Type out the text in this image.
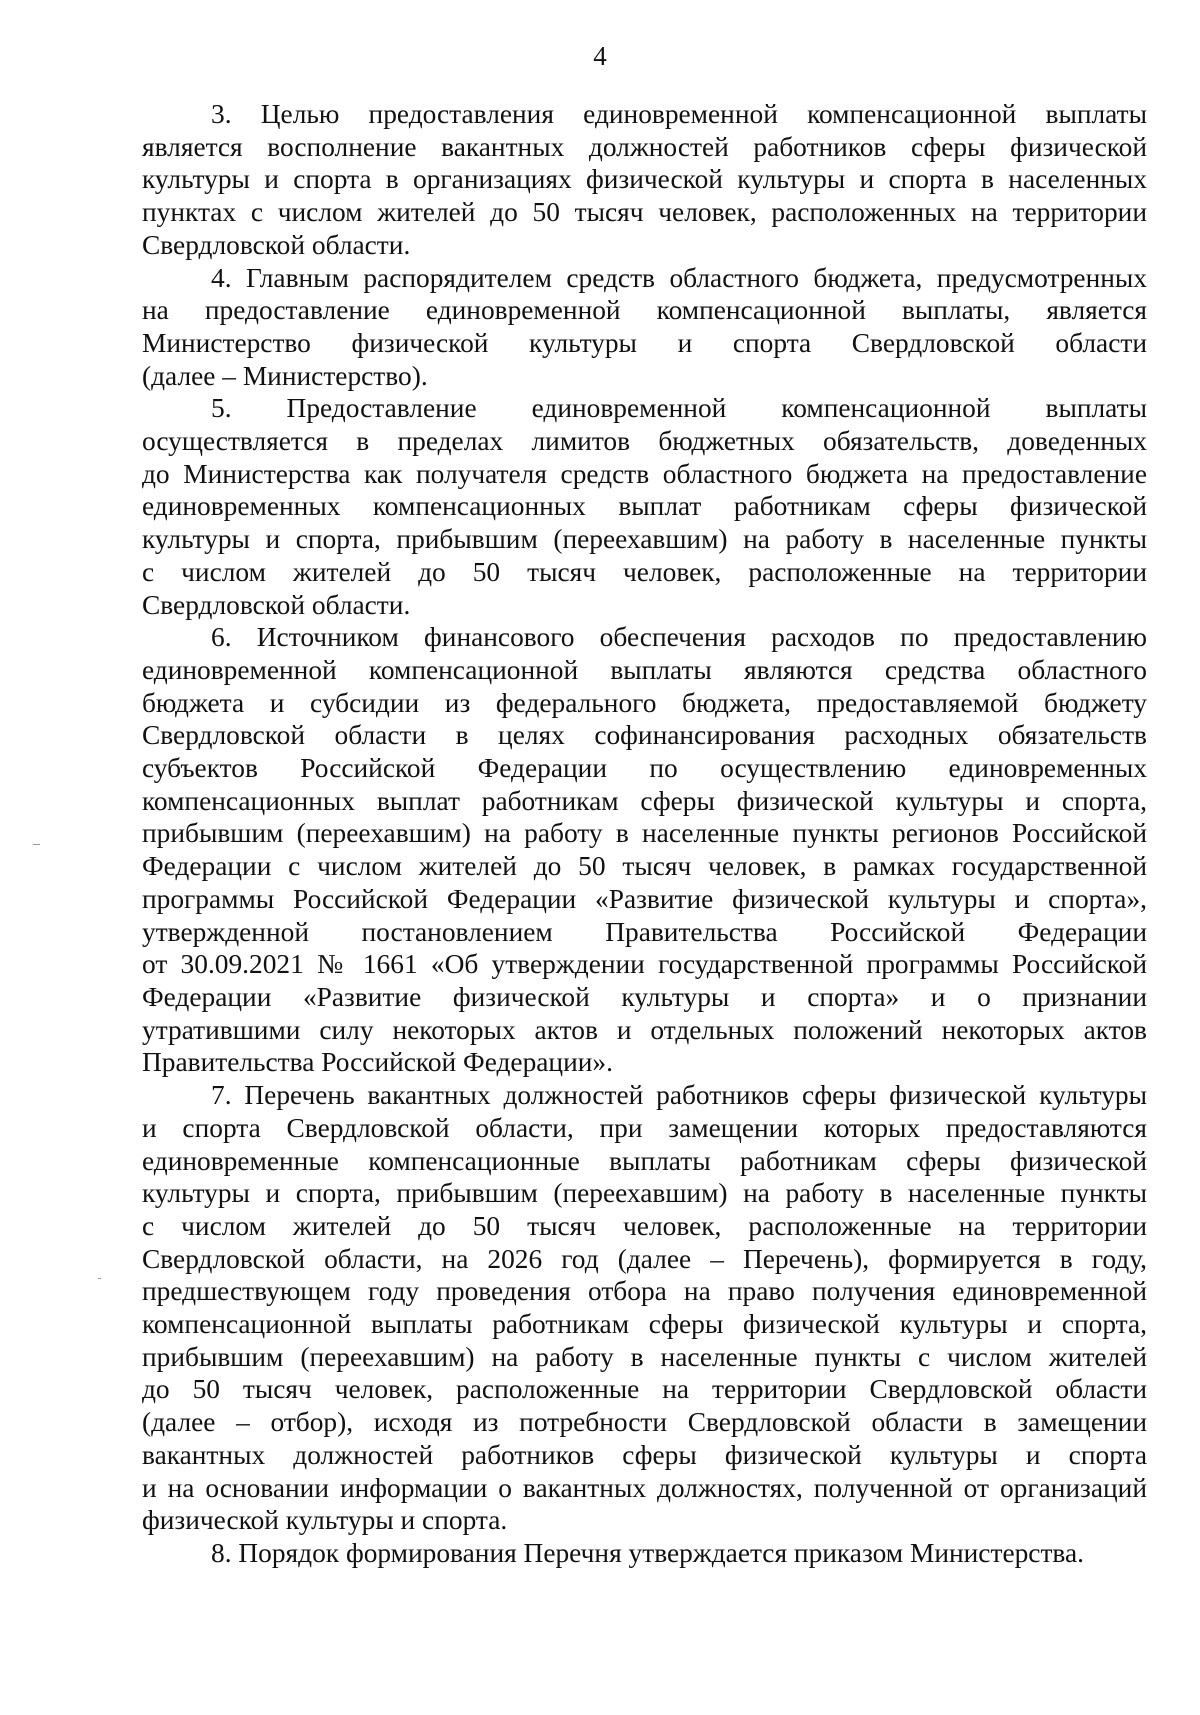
4

3. Целью предоставления единовременной компенсационной выплаты
является восполнение вакантных должностей работников сферы физической
культуры и спорта в организациях физической культуры и спорта в населенных
пунктах с числом жителей до 50 тысяч человек, расположенных на территории
Свердловской области.

4. Главным распорядителем средств областного бюджета, предусмотренных
на предоставление единовременной компенсационной выплаты, является
Министерство физической культуры и спорта Свердловской области
(далее – Министерство).

5. Предоставление единовременной компенсационной выплаты
осуществляется в пределах лимитов бюджетных обязательств, доведенных
до Министерства как получателя средств областного бюджета на предоставление
единовременных компенсационных выплат работникам сферы физической
культуры и спорта, прибывшим (переехавшим) на работу в населенные пункты
с числом жителей до 50 тысяч человек, расположенные на территории
Свердловской области.

6. Источником финансового обеспечения расходов по предоставлению
единовременной компенсационной выплаты являются средства областного
бюджета и субсидии из федерального бюджета, предоставляемой бюджету
Свердловской области в целях софинансирования расходных обязательств
субъектов Российской Федерации по осуществлению единовременных
компенсационных выплат работникам сферы физической культуры и спорта,
прибывшим (переехавшим) на работу в населенные пункты регионов Российской
Федерации с числом жителей до 50 тысяч человек, в рамках государственной
программы Российской Федерации «Развитие физической культуры и спорта»,
утвержденной постановлением Правительства Российской Федерации
от 30.09.2021 № 1661 «Об утверждении государственной программы Российской
Федерации «Развитие физической культуры и спорта» и о признании
утратившими силу некоторых актов и отдельных положений некоторых актов
Правительства Российской Федерации».

7. Перечень вакантных должностей работников сферы физической культуры
и спорта Свердловской области, при замещении которых предоставляются
единовременные компенсационные выплаты работникам сферы физической
культуры и спорта, прибывшим (переехавшим) на работу в населенные пункты
с числом жителей до 50 тысяч человек, расположенные на территории
Свердловской области, на 2026 год (далее – Перечень), формируется в году,
предшествующем году проведения отбора на право получения единовременной
компенсационной выплаты работникам сферы физической культуры и спорта,
прибывшим (переехавшим) на работу в населенные пункты с числом жителей
до 50 тысяч человек, расположенные на территории Свердловской области
(далее – отбор), исходя из потребности Свердловской области в замещении
вакантных должностей работников сферы физической культуры и спорта
и на основании информации о вакантных должностях, полученной от организаций
физической культуры и спорта.

8. Порядок формирования Перечня утверждается приказом Министерства.
